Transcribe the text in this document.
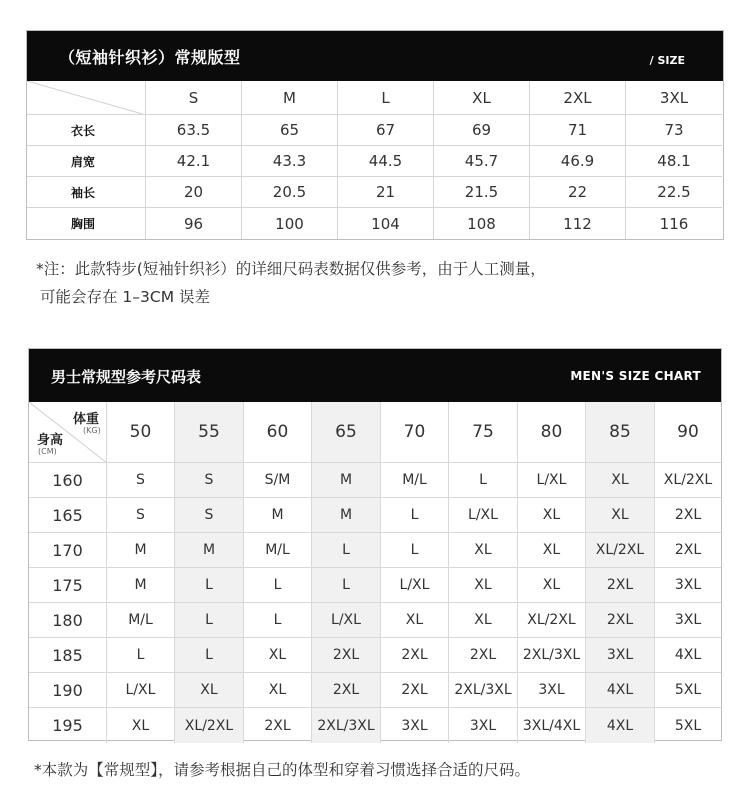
（短袖针织衫）常规版型	/ SIZE
S	M	L	XL	2XL	3XL
衣长	63.5	65	67	69	71	73
肩宽	42.1	43.3	44.5	45.7	46.9	48.1
袖长	20	20.5	21	21.5	22	22.5
胸围	96	100	104	108	112	116
*注：此款特步(短袖针织衫）的详细尺码表数据仅供参考，由于人工测量，
可能会存在 1–3CM 误差
男士常规型参考尺码表	MEN'S SIZE CHART
体重
(KG)
身高
(CM)
50	55	60	65	70	75	80	85	90
160	S	S	S/M	M	M/L	L	L/XL	XL	XL/2XL
165	S	S	M	M	L	L/XL	XL	XL	2XL
170	M	M	M/L	L	L	XL	XL	XL/2XL	2XL
175	M	L	L	L	L/XL	XL	XL	2XL	3XL
180	M/L	L	L	L/XL	XL	XL	XL/2XL	2XL	3XL
185	L	L	XL	2XL	2XL	2XL	2XL/3XL	3XL	4XL
190	L/XL	XL	XL	2XL	2XL	2XL/3XL	3XL	4XL	5XL
195	XL	XL/2XL	2XL	2XL/3XL	3XL	3XL	3XL/4XL	4XL	5XL
*本款为【常规型】，请参考根据自己的体型和穿着习惯选择合适的尺码。
